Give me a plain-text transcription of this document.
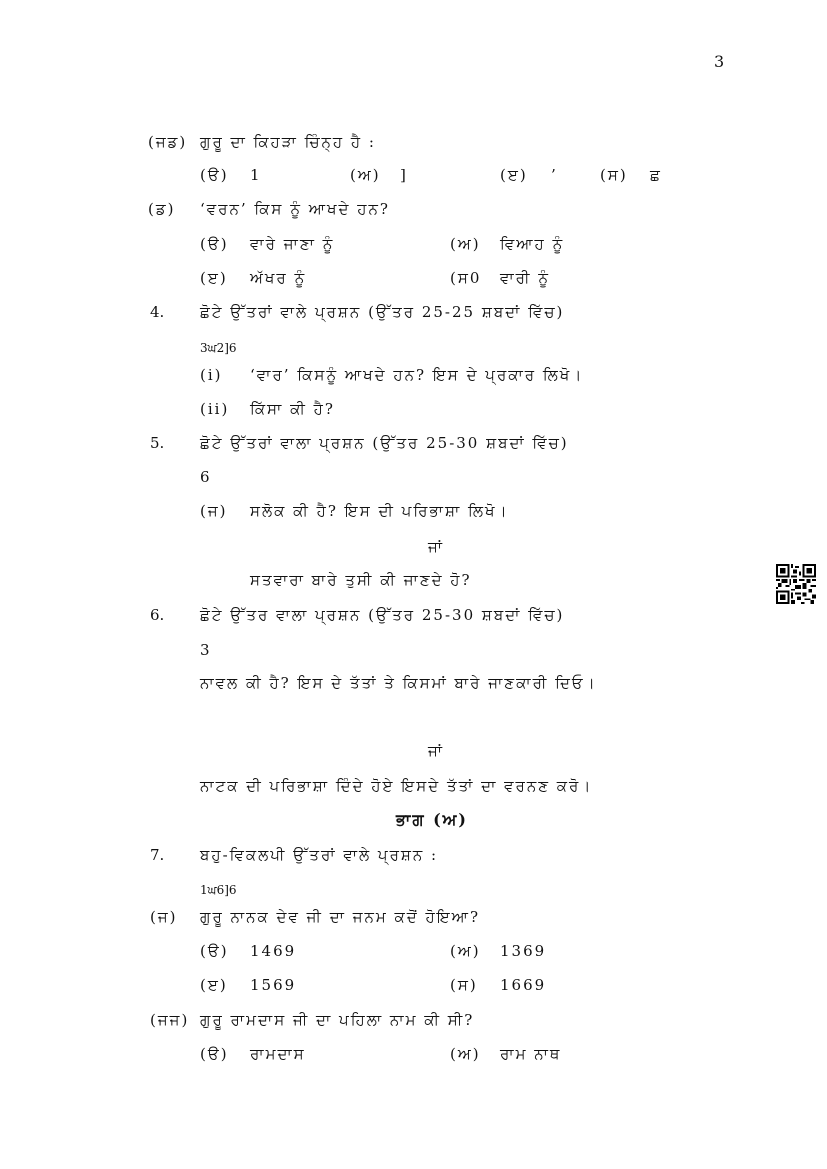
3
(ਜਡ) ਗੁਰੂ ਦਾ ਕਿਹੜਾ ਚਿੰਨ੍ਹ ਹੈ :
(ੳ) 1	(ਅ) ]	(ੲ) ’	(ਸ) ਛ
(ਡ) ‘ਵਰਨ’ ਕਿਸ ਨੂੰ ਆਖਦੇ ਹਨ?
(ੳ) ਵਾਰੇ ਜਾਣਾ ਨੂੰ	(ਅ) ਵਿਆਹ ਨੂੰ
(ੲ) ਅੱਖਰ ਨੂੰ	(ਸ0 ਵਾਰੀ ਨੂੰ
4. ਛੋਟੇ ਉੱਤਰਾਂ ਵਾਲੇ ਪ੍ਰਸ਼ਨ (ਉੱਤਰ 25-25 ਸ਼ਬਦਾਂ ਵਿੱਚ)
3ਘ2]6
(i) ‘ਵਾਰ’ ਕਿਸਨੂੰ ਆਖਦੇ ਹਨ? ਇਸ ਦੇ ਪ੍ਰਕਾਰ ਲਿਖੋ।
(ii) ਕਿੱਸਾ ਕੀ ਹੈ?
5. ਛੋਟੇ ਉੱਤਰਾਂ ਵਾਲਾ ਪ੍ਰਸ਼ਨ (ਉੱਤਰ 25-30 ਸ਼ਬਦਾਂ ਵਿੱਚ)
6
(ਜ) ਸਲੋਕ ਕੀ ਹੈ? ਇਸ ਦੀ ਪਰਿਭਾਸ਼ਾ ਲਿਖੋ।
ਜਾਂ
ਸਤਵਾਰਾ ਬਾਰੇ ਤੁਸੀ ਕੀ ਜਾਣਦੇ ਹੋ?
6. ਛੋਟੇ ਉੱਤਰ ਵਾਲਾ ਪ੍ਰਸ਼ਨ (ਉੱਤਰ 25-30 ਸ਼ਬਦਾਂ ਵਿੱਚ)
3
ਨਾਵਲ ਕੀ ਹੈ? ਇਸ ਦੇ ਤੱਤਾਂ ਤੇ ਕਿਸਮਾਂ ਬਾਰੇ ਜਾਣਕਾਰੀ ਦਿਓ।
ਜਾਂ
ਨਾਟਕ ਦੀ ਪਰਿਭਾਸ਼ਾ ਦਿੰਦੇ ਹੋਏ ਇਸਦੇ ਤੱਤਾਂ ਦਾ ਵਰਨਣ ਕਰੋ।
ਭਾਗ (ਅ)
7. ਬਹੁ-ਵਿਕਲਪੀ ਉੱਤਰਾਂ ਵਾਲੇ ਪ੍ਰਸ਼ਨ :
1ਘ6]6
(ਜ) ਗੁਰੂ ਨਾਨਕ ਦੇਵ ਜੀ ਦਾ ਜਨਮ ਕਦੋਂ ਹੋਇਆ?
(ੳ) 1469	(ਅ) 1369
(ੲ) 1569	(ਸ) 1669
(ਜਜ) ਗੁਰੂ ਰਾਮਦਾਸ ਜੀ ਦਾ ਪਹਿਲਾ ਨਾਮ ਕੀ ਸੀ?
(ੳ) ਰਾਮਦਾਸ	(ਅ) ਰਾਮ ਨਾਥ
